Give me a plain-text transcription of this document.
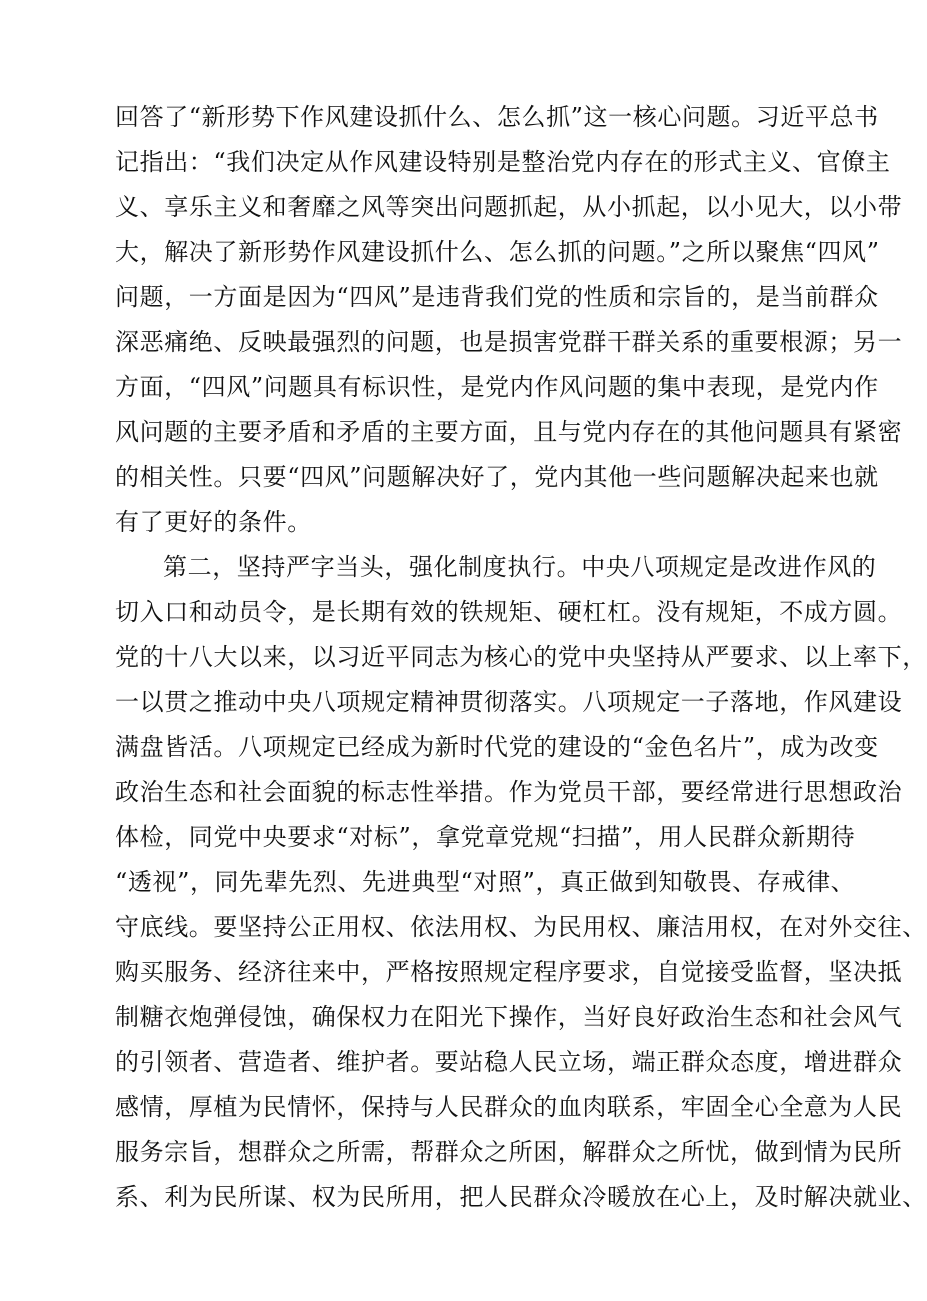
回答了“新形势下作风建设抓什么、怎么抓”这一核心问题。习近平总书
记指出：“我们决定从作风建设特别是整治党内存在的形式主义、官僚主
义、享乐主义和奢靡之风等突出问题抓起，从小抓起，以小见大，以小带
大，解决了新形势作风建设抓什么、怎么抓的问题。”之所以聚焦“四风”
问题，一方面是因为“四风”是违背我们党的性质和宗旨的，是当前群众
深恶痛绝、反映最强烈的问题，也是损害党群干群关系的重要根源；另一
方面，“四风”问题具有标识性，是党内作风问题的集中表现，是党内作
风问题的主要矛盾和矛盾的主要方面，且与党内存在的其他问题具有紧密
的相关性。只要“四风”问题解决好了，党内其他一些问题解决起来也就
有了更好的条件。
第二，坚持严字当头，强化制度执行。中央八项规定是改进作风的
切入口和动员令，是长期有效的铁规矩、硬杠杠。没有规矩，不成方圆。
党的十八大以来，以习近平同志为核心的党中央坚持从严要求、以上率下，
一以贯之推动中央八项规定精神贯彻落实。八项规定一子落地，作风建设
满盘皆活。八项规定已经成为新时代党的建设的“金色名片”，成为改变
政治生态和社会面貌的标志性举措。作为党员干部，要经常进行思想政治
体检，同党中央要求“对标”，拿党章党规“扫描”，用人民群众新期待
“透视”，同先辈先烈、先进典型“对照”，真正做到知敬畏、存戒律、
守底线。要坚持公正用权、依法用权、为民用权、廉洁用权，在对外交往、
购买服务、经济往来中，严格按照规定程序要求，自觉接受监督，坚决抵
制糖衣炮弹侵蚀，确保权力在阳光下操作，当好良好政治生态和社会风气
的引领者、营造者、维护者。要站稳人民立场，端正群众态度，增进群众
感情，厚植为民情怀，保持与人民群众的血肉联系，牢固全心全意为人民
服务宗旨，想群众之所需，帮群众之所困，解群众之所忧，做到情为民所
系、利为民所谋、权为民所用，把人民群众冷暖放在心上，及时解决就业、
